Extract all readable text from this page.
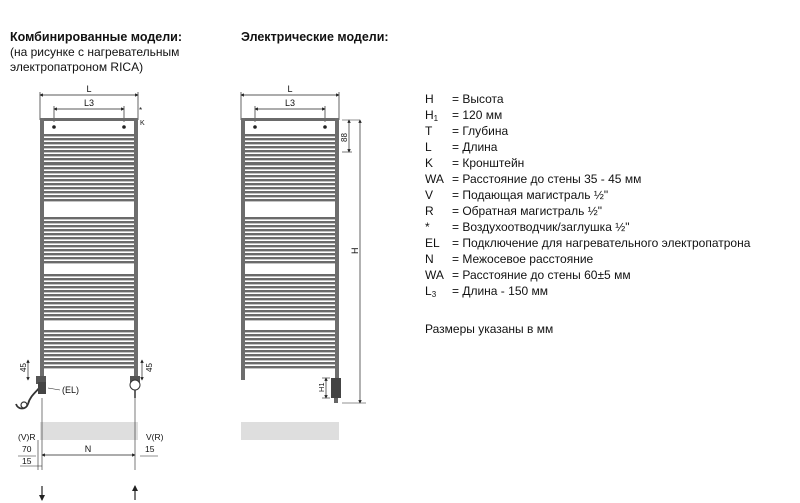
Комбинированные модели:
(на рисунке с нагревательным
электропатроном RICA)
Электрические модели:
L
L3
*
K
(EL)
45	45
(V)R	V(R)
70	N	15
15
L
L3
88
H
H1
H	= Высота
$H_1$	= 120 мм
T	= Глубина
L	= Длина
K	= Кронштейн
WA = Расстояние до стены 35 - 45 мм
V	= Подающая магистраль ½"
R	= Обратная магистраль ½"
*	= Воздухоотводчик/заглушка ½"
EL	= Подключение для нагревательного электропатрона
N	= Межосевое расстояние
WA = Расстояние до стены 60±5 мм
$L_3$	= Длина - 150 мм
Размеры указаны в мм
